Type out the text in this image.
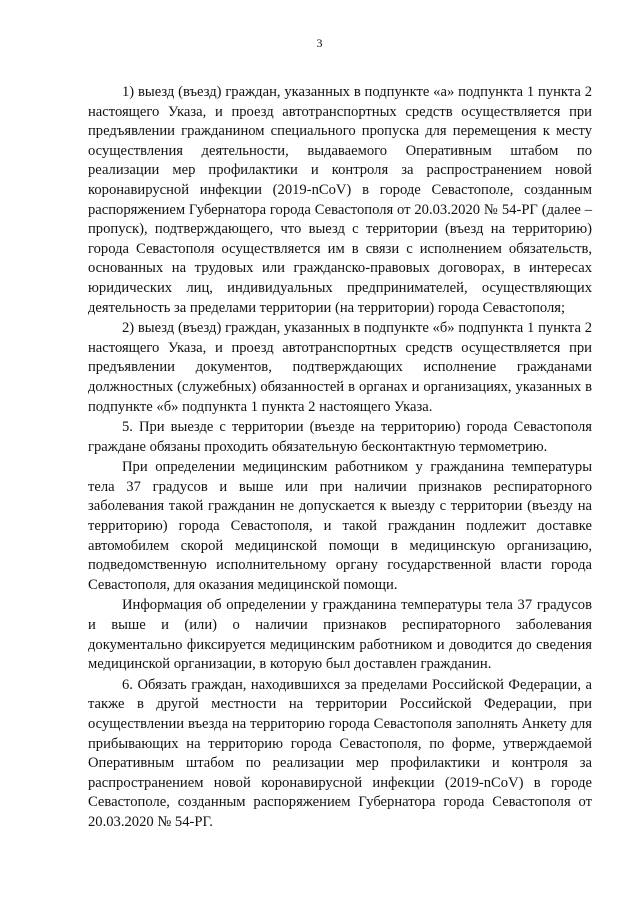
3

1) выезд (въезд) граждан, указанных в подпункте «а» подпункта 1 пункта 2 настоящего Указа, и проезд автотранспортных средств осуществляется при предъявлении гражданином специального пропуска для перемещения к месту осуществления деятельности, выдаваемого Оперативным штабом по реализации мер профилактики и контроля за распространением новой коронавирусной инфекции (2019-nCoV) в городе Севастополе, созданным распоряжением Губернатора города Севастополя от 20.03.2020 № 54-РГ (далее – пропуск), подтверждающего, что выезд с территории (въезд на территорию) города Севастополя осуществляется им в связи с исполнением обязательств, основанных на трудовых или гражданско-правовых договорах, в интересах юридических лиц, индивидуальных предпринимателей, осуществляющих деятельность за пределами территории (на территории) города Севастополя;

2) выезд (въезд) граждан, указанных в подпункте «б» подпункта 1 пункта 2 настоящего Указа, и проезд автотранспортных средств осуществляется при предъявлении документов, подтверждающих исполнение гражданами должностных (служебных) обязанностей в органах и организациях, указанных в подпункте «б» подпункта 1 пункта 2 настоящего Указа.

5. При выезде с территории (въезде на территорию) города Севастополя граждане обязаны проходить обязательную бесконтактную термометрию.

При определении медицинским работником у гражданина температуры тела 37 градусов и выше или при наличии признаков респираторного заболевания такой гражданин не допускается к выезду с территории (въезду на территорию) города Севастополя, и такой гражданин подлежит доставке автомобилем скорой медицинской помощи в медицинскую организацию, подведомственную исполнительному органу государственной власти города Севастополя, для оказания медицинской помощи.

Информация об определении у гражданина температуры тела 37 градусов и выше и (или) о наличии признаков респираторного заболевания документально фиксируется медицинским работником и доводится до сведения медицинской организации, в которую был доставлен гражданин.

6. Обязать граждан, находившихся за пределами Российской Федерации, а также в другой местности на территории Российской Федерации, при осуществлении въезда на территорию города Севастополя заполнять Анкету для прибывающих на территорию города Севастополя, по форме, утверждаемой Оперативным штабом по реализации мер профилактики и контроля за распространением новой коронавирусной инфекции (2019-nCoV) в городе Севастополе, созданным распоряжением Губернатора города Севастополя от 20.03.2020 № 54-РГ.
